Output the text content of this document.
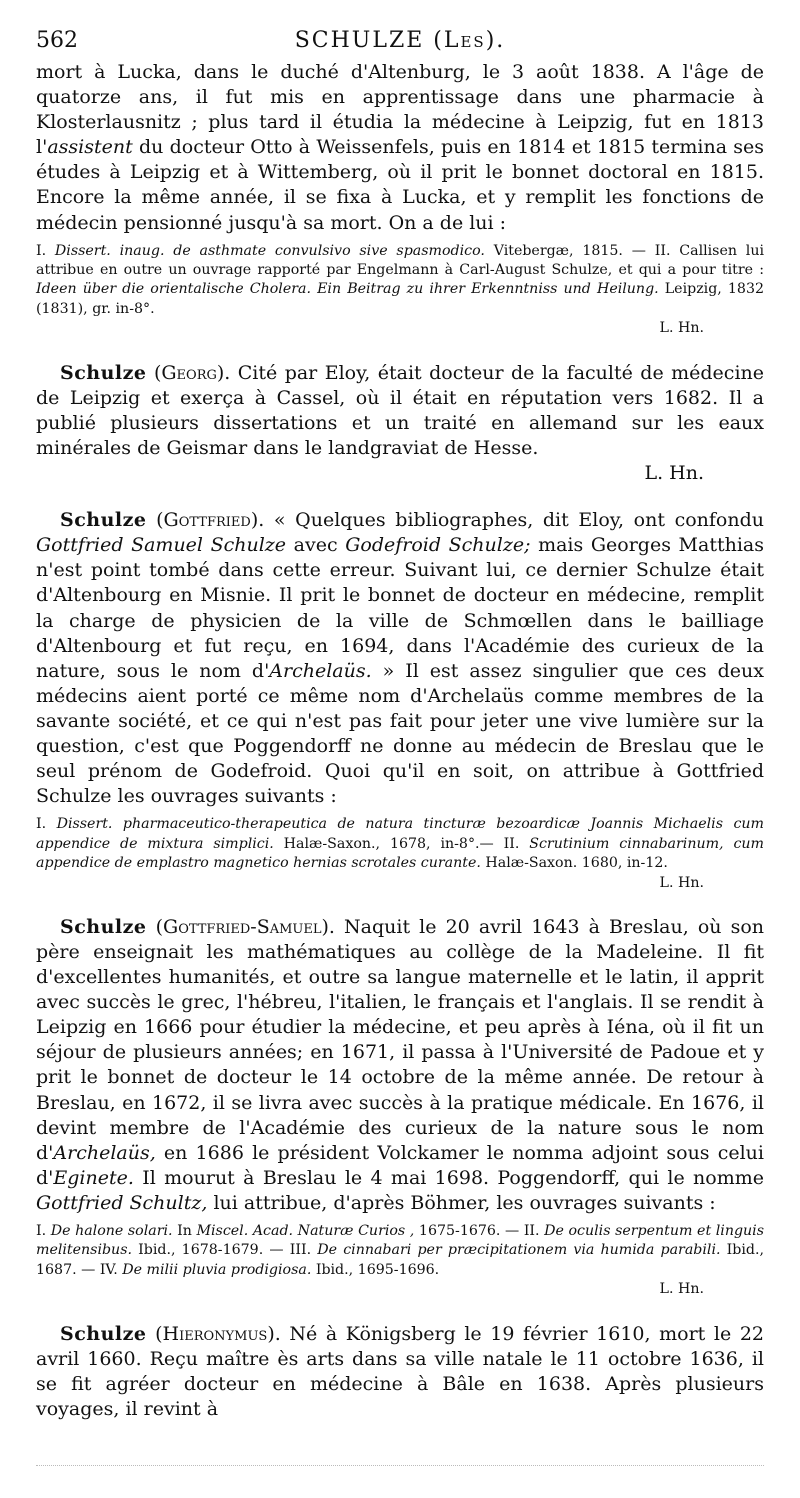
562	SCHULZE (Les).

mort à Lucka, dans le duché d'Altenburg, le 3 août 1838. A l'âge de quatorze ans, il fut mis en apprentissage dans une pharmacie à Klosterlausnitz ; plus tard il étudia la médecine à Leipzig, fut en 1813 l'assistent du docteur Otto à Weissenfels, puis en 1814 et 1815 termina ses études à Leipzig et à Wittemberg, où il prit le bonnet doctoral en 1815. Encore la même année, il se fixa à Lucka, et y remplit les fonctions de médecin pensionné jusqu'à sa mort. On a de lui :

I. Dissert. inaug. de asthmate convulsivo sive spasmodico. Vitebergæ, 1815. — II. Callisen lui attribue en outre un ouvrage rapporté par Engelmann à Carl-August Schulze, et qui a pour titre : Ideen über die orientalische Cholera. Ein Beitrag zu ihrer Erkenntniss und Heilung. Leipzig, 1832 (1831), gr. in-8°.
L. Hn.

Schulze (Georg). Cité par Eloy, était docteur de la faculté de médecine de Leipzig et exerça à Cassel, où il était en réputation vers 1682. Il a publié plusieurs dissertations et un traité en allemand sur les eaux minérales de Geismar dans le landgraviat de Hesse.
L. Hn.

Schulze (Gottfried). « Quelques bibliographes, dit Eloy, ont confondu Gottfried Samuel Schulze avec Godefroid Schulze; mais Georges Matthias n'est point tombé dans cette erreur. Suivant lui, ce dernier Schulze était d'Altenbourg en Misnie. Il prit le bonnet de docteur en médecine, remplit la charge de physicien de la ville de Schmœllen dans le bailliage d'Altenbourg et fut reçu, en 1694, dans l'Académie des curieux de la nature, sous le nom d'Archelaüs. » Il est assez singulier que ces deux médecins aient porté ce même nom d'Archelaüs comme membres de la savante société, et ce qui n'est pas fait pour jeter une vive lumière sur la question, c'est que Poggendorff ne donne au médecin de Breslau que le seul prénom de Godefroid. Quoi qu'il en soit, on attribue à Gottfried Schulze les ouvrages suivants :

I. Dissert. pharmaceutico-therapeutica de natura tincturæ bezoardicæ Joannis Michaelis cum appendice de mixtura simplici. Halæ-Saxon., 1678, in-8°.— II. Scrutinium cinnabarinum, cum appendice de emplastro magnetico hernias scrotales curante. Halæ-Saxon. 1680, in-12.
L. Hn.

Schulze (Gottfried-Samuel). Naquit le 20 avril 1643 à Breslau, où son père enseignait les mathématiques au collège de la Madeleine. Il fit d'excellentes humanités, et outre sa langue maternelle et le latin, il apprit avec succès le grec, l'hébreu, l'italien, le français et l'anglais. Il se rendit à Leipzig en 1666 pour étudier la médecine, et peu après à Iéna, où il fit un séjour de plusieurs années; en 1671, il passa à l'Université de Padoue et y prit le bonnet de docteur le 14 octobre de la même année. De retour à Breslau, en 1672, il se livra avec succès à la pratique médicale. En 1676, il devint membre de l'Académie des curieux de la nature sous le nom d'Archelaüs, en 1686 le président Volckamer le nomma adjoint sous celui d'Eginete. Il mourut à Breslau le 4 mai 1698. Poggendorff, qui le nomme Gottfried Schultz, lui attribue, d'après Böhmer, les ouvrages suivants :

I. De halone solari. In Miscel. Acad. Naturæ Curios , 1675-1676. — II. De oculis serpentum et linguis melitensibus. Ibid., 1678-1679. — III. De cinnabari per præcipitationem via humida parabili. Ibid., 1687. — IV. De milii pluvia prodigiosa. Ibid., 1695-1696.
L. Hn.

Schulze (Hieronymus). Né à Königsberg le 19 février 1610, mort le 22 avril 1660. Reçu maître ès arts dans sa ville natale le 11 octobre 1636, il se fit agréer docteur en médecine à Bâle en 1638. Après plusieurs voyages, il revint à
